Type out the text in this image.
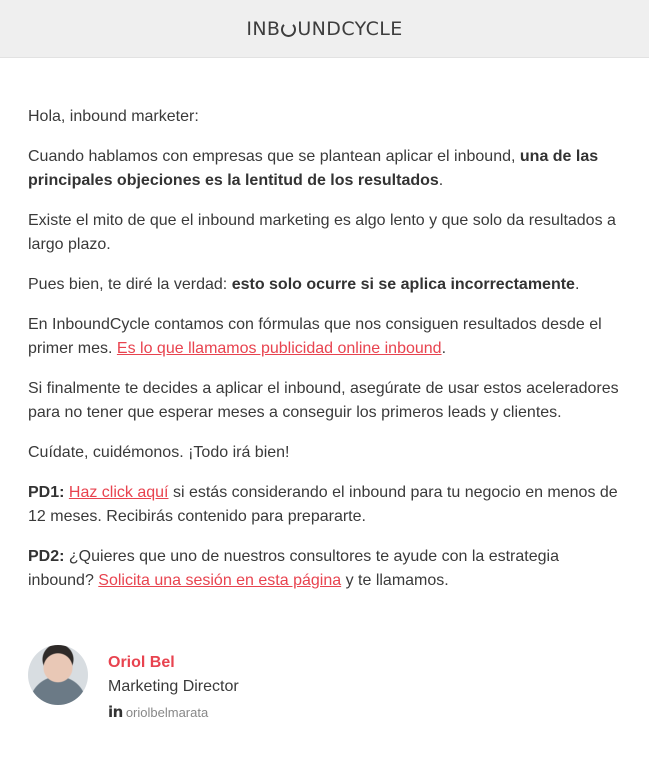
INB UNDCYCLE

Hola, inbound marketer:

Cuando hablamos con empresas que se plantean aplicar el inbound, una de las principales objeciones es la lentitud de los resultados.

Existe el mito de que el inbound marketing es algo lento y que solo da resultados a largo plazo.

Pues bien, te diré la verdad: esto solo ocurre si se aplica incorrectamente.

En InboundCycle contamos con fórmulas que nos consiguen resultados desde el primer mes. Es lo que llamamos publicidad online inbound.

Si finalmente te decides a aplicar el inbound, asegúrate de usar estos aceleradores para no tener que esperar meses a conseguir los primeros leads y clientes.

Cuídate, cuidémonos. ¡Todo irá bien!

PD1: Haz click aquí si estás considerando el inbound para tu negocio en menos de 12 meses. Recibirás contenido para prepararte.

PD2: ¿Quieres que uno de nuestros consultores te ayude con la estrategia inbound? Solicita una sesión en esta página y te llamamos.

Oriol Bel
Marketing Director
in oriolbelmarata
